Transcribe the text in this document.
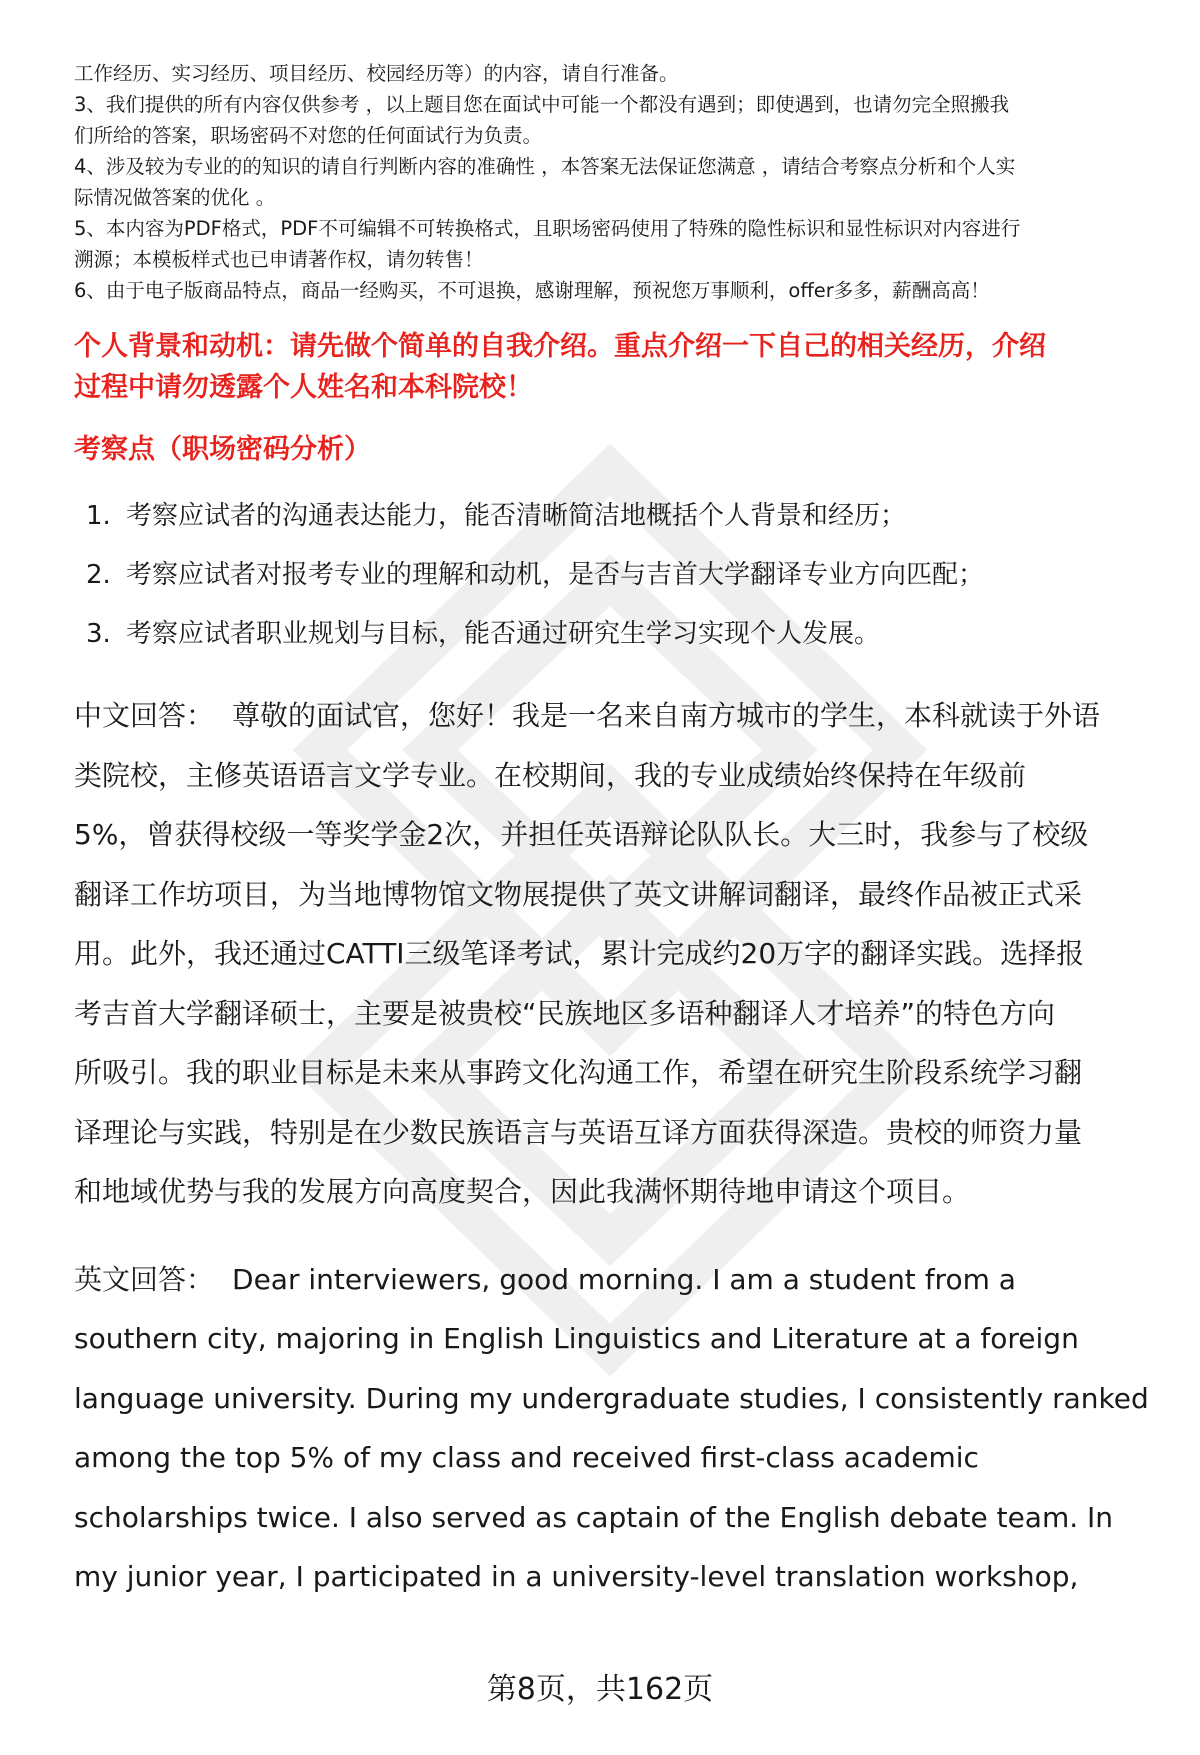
工作经历、实习经历、项目经历、校园经历等）的内容，请自行准备。

3、我们提供的所有内容仅供参考 ，以上题目您在面试中可能一个都没有遇到；即使遇到，也请勿完全照搬我

们所给的答案，职场密码不对您的任何面试行为负责。

4、涉及较为专业的的知识的请自行判断内容的准确性 ，本答案无法保证您满意 ，请结合考察点分析和个人实

际情况做答案的优化 。

5、本内容为PDF格式，PDF不可编辑不可转换格式，且职场密码使用了特殊的隐性标识和显性标识对内容进行

溯源；本模板样式也已申请著作权，请勿转售！

6、由于电子版商品特点，商品一经购买，不可退换，感谢理解，预祝您万事顺利，offer多多，薪酬高高！

个人背景和动机：请先做个简单的自我介绍。重点介绍一下自己的相关经历，介绍
过程中请勿透露个人姓名和本科院校！
考察点（职场密码分析）
1. 考察应试者的沟通表达能力，能否清晰简洁地概括个人背景和经历；
2. 考察应试者对报考专业的理解和动机，是否与吉首大学翻译专业方向匹配；
3. 考察应试者职业规划与目标，能否通过研究生学习实现个人发展。
中文回答： 尊敬的面试官，您好！我是一名来自南方城市的学生，本科就读于外语
类院校，主修英语语言文学专业。在校期间，我的专业成绩始终保持在年级前
5%，曾获得校级一等奖学金2次，并担任英语辩论队队长。大三时，我参与了校级
翻译工作坊项目，为当地博物馆文物展提供了英文讲解词翻译，最终作品被正式采
用。此外，我还通过CATTI三级笔译考试，累计完成约20万字的翻译实践。选择报
考吉首大学翻译硕士，主要是被贵校“民族地区多语种翻译人才培养”的特色方向
所吸引。我的职业目标是未来从事跨文化沟通工作，希望在研究生阶段系统学习翻
译理论与实践，特别是在少数民族语言与英语互译方面获得深造。贵校的师资力量
和地域优势与我的发展方向高度契合，因此我满怀期待地申请这个项目。
英文回答： Dear interviewers, good morning. I am a student from a
southern city, majoring in English Linguistics and Literature at a foreign
language university. During my undergraduate studies, I consistently ranked
among the top 5% of my class and received first-class academic
scholarships twice. I also served as captain of the English debate team. In
my junior year, I participated in a university-level translation workshop,
第8页，共162页
